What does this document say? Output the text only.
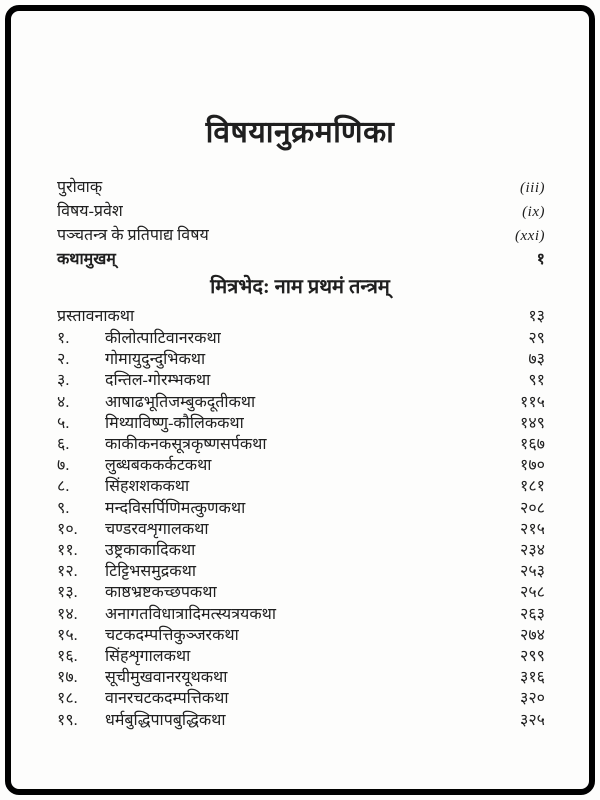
विषयानुक्रमणिका
पुरोवाक्	(iii)
विषय-प्रवेश	(ix)
पञ्चतन्त्र के प्रतिपाद्य विषय	(xxi)
कथामुखम्	१
मित्रभेद: नाम प्रथमं तन्त्रम्
प्रस्तावनाकथा	१३
१.	कीलोत्पाटिवानरकथा	२९
२.	गोमायुदुन्दुभिकथा	७३
३.	दन्तिल-गोरम्भकथा	९१
४.	आषाढभूतिजम्बुकदूतीकथा	११५
५.	मिथ्याविष्णु-कौलिककथा	१४९
६.	काकीकनकसूत्रकृष्णसर्पकथा	१६७
७.	लुब्धबककर्कटकथा	१७०
८.	सिंहशशककथा	१८१
९.	मन्दविसर्पिणिमत्कुणकथा	२०८
१०.	चण्डरवशृगालकथा	२१५
११.	उष्ट्रकाकादिकथा	२३४
१२.	टिट्टिभसमुद्रकथा	२५३
१३.	काष्ठभ्रष्टकच्छपकथा	२५८
१४.	अनागतविधात्रादिमत्स्यत्रयकथा	२६३
१५.	चटकदम्पत्तिकुञ्जरकथा	२७४
१६.	सिंहशृगालकथा	२९९
१७.	सूचीमुखवानरयूथकथा	३१६
१८.	वानरचटकदम्पत्तिकथा	३२०
१९.	धर्मबुद्धिपापबुद्धिकथा	३२५
